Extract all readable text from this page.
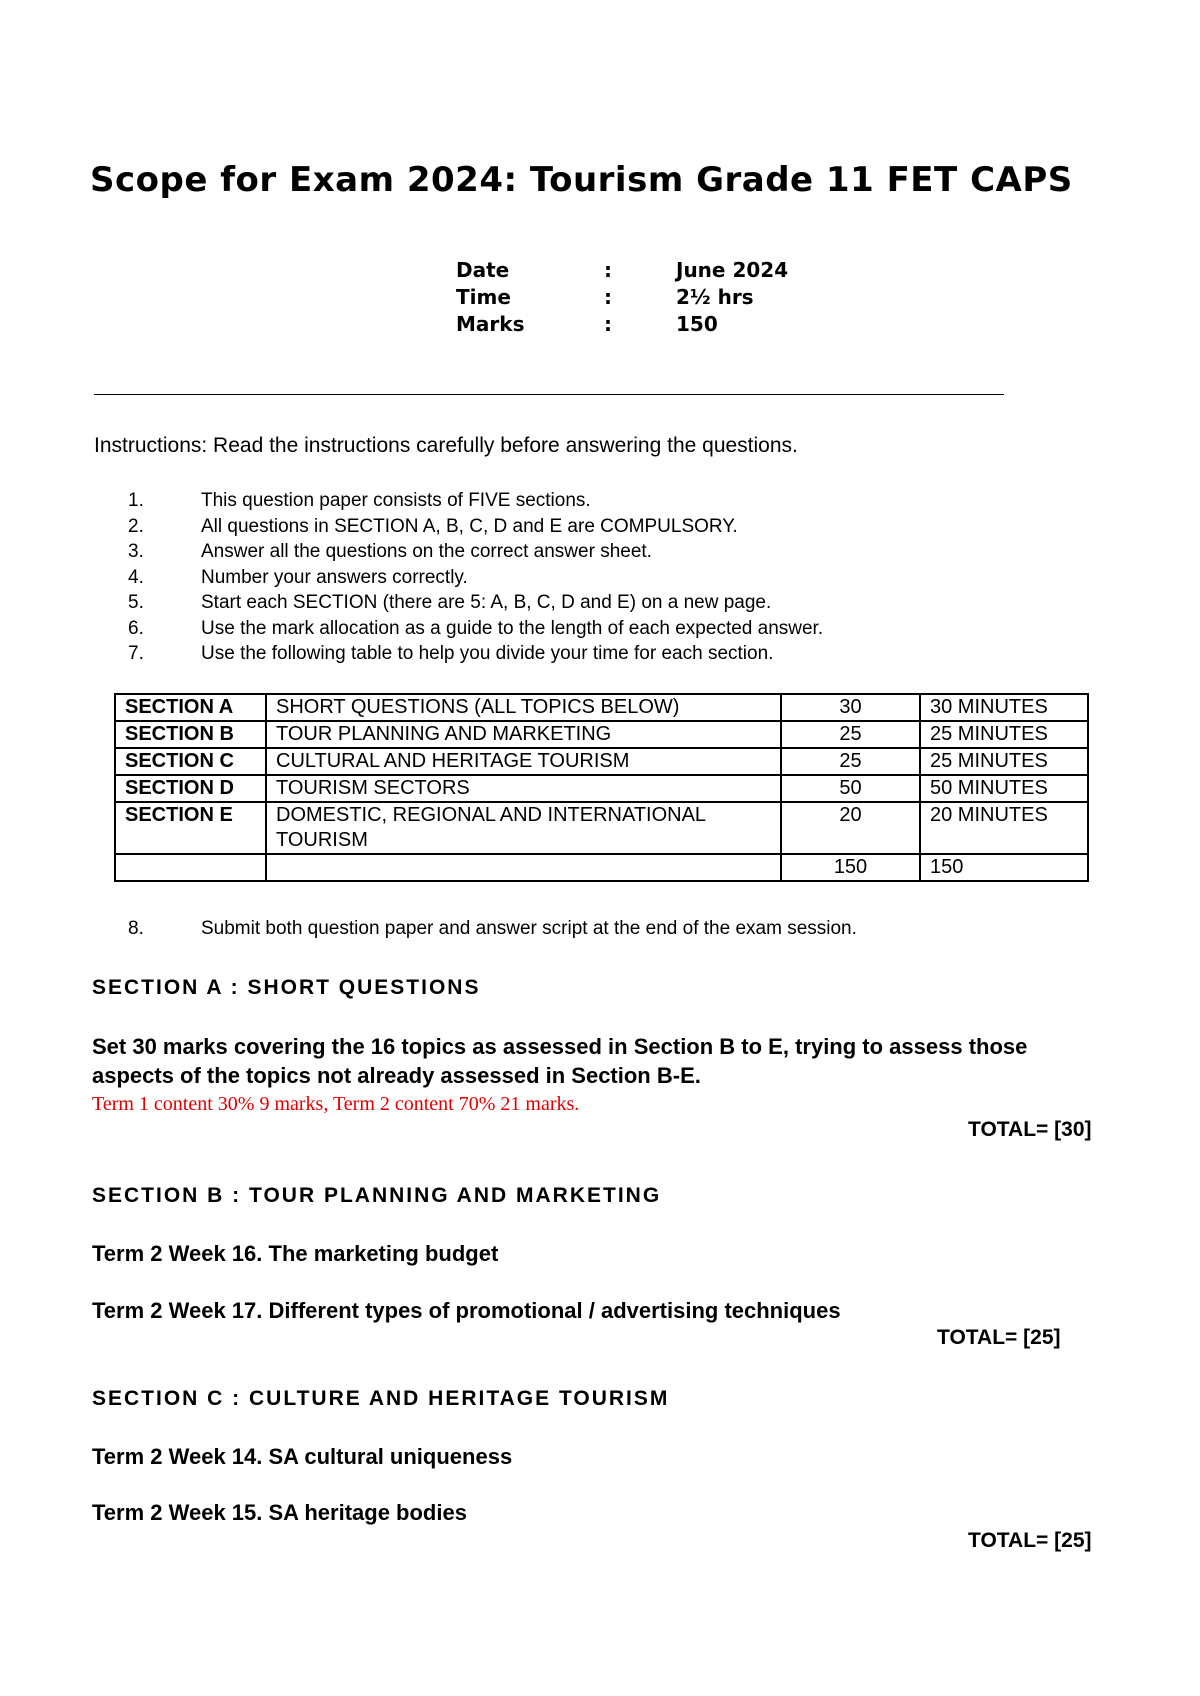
Scope for Exam 2024: Tourism Grade 11 FET CAPS
Date	:	June 2024
Time	:	2½ hrs
Marks	:	150
Instructions: Read the instructions carefully before answering the questions.
1.	This question paper consists of FIVE sections.
2.	All questions in SECTION A, B, C, D and E are COMPULSORY.
3.	Answer all the questions on the correct answer sheet.
4.	Number your answers correctly.
5.	Start each SECTION (there are 5: A, B, C, D and E) on a new page.
6.	Use the mark allocation as a guide to the length of each expected answer.
7.	Use the following table to help you divide your time for each section.
SECTION A	SHORT QUESTIONS (ALL TOPICS BELOW)	30	30 MINUTES
SECTION B	TOUR PLANNING AND MARKETING	25	25 MINUTES
SECTION C	CULTURAL AND HERITAGE TOURISM	25	25 MINUTES
SECTION D	TOURISM SECTORS	50	50 MINUTES
SECTION E	DOMESTIC, REGIONAL AND INTERNATIONAL TOURISM	20	20 MINUTES
		150	150
8.	Submit both question paper and answer script at the end of the exam session.
SECTION A : SHORT QUESTIONS
Set 30 marks covering the 16 topics as assessed in Section B to E, trying to assess those
aspects of the topics not already assessed in Section B-E.
Term 1 content 30% 9 marks, Term 2 content 70% 21 marks.
TOTAL= [30]
SECTION B : TOUR PLANNING AND MARKETING
Term 2 Week 16. The marketing budget
Term 2 Week 17. Different types of promotional / advertising techniques
TOTAL= [25]
SECTION C : CULTURE AND HERITAGE TOURISM
Term 2 Week 14. SA cultural uniqueness
Term 2 Week 15. SA heritage bodies
TOTAL= [25]
